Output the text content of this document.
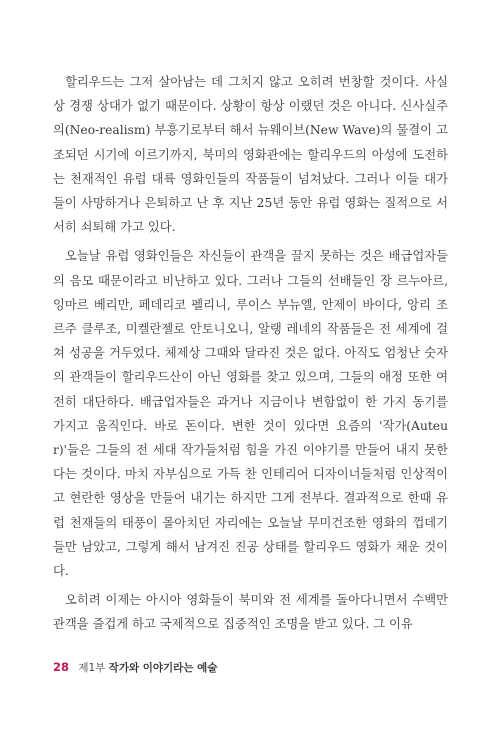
할리우드는 그저 살아남는 데 그치지 않고 오히려 번창할 것이다. 사실상 경쟁 상대가 없기 때문이다. 상황이 항상 이랬던 것은 아니다. 신사실주의(Neo-realism) 부흥기로부터 해서 뉴웨이브(New Wave)의 물결이 고조되던 시기에 이르기까지, 북미의 영화관에는 할리우드의 아성에 도전하는 천재적인 유럽 대륙 영화인들의 작품들이 넘쳐났다. 그러나 이들 대가들이 사망하거나 은퇴하고 난 후 지난 25년 동안 유럽 영화는 질적으로 서서히 쇠퇴해 가고 있다.

오늘날 유럽 영화인들은 자신들이 관객을 끌지 못하는 것은 배급업자들의 음모 때문이라고 비난하고 있다. 그러나 그들의 선배들인 장 르누아르, 잉마르 베리만, 페데리코 펠리니, 루이스 부뉴엘, 안제이 바이다, 앙리 조르주 클루조, 미켈란젤로 안토니오니, 알랭 레네의 작품들은 전 세계에 걸쳐 성공을 거두었다. 체제상 그때와 달라진 것은 없다. 아직도 엄청난 숫자의 관객들이 할리우드산이 아닌 영화를 찾고 있으며, 그들의 애정 또한 여전히 대단하다. 배급업자들은 과거나 지금이나 변함없이 한 가지 동기를 가지고 움직인다. 바로 돈이다. 변한 것이 있다면 요즘의 '작가(Auteur)'들은 그들의 전 세대 작가들처럼 힘을 가진 이야기를 만들어 내지 못한다는 것이다. 마치 자부심으로 가득 찬 인테리어 디자이너들처럼 인상적이고 현란한 영상을 만들어 내기는 하지만 그게 전부다. 결과적으로 한때 유럽 천재들의 태풍이 몰아치던 자리에는 오늘날 무미건조한 영화의 껍데기들만 남았고, 그렇게 해서 남겨진 진공 상태를 할리우드 영화가 채운 것이다.

오히려 이제는 아시아 영화들이 북미와 전 세계를 돌아다니면서 수백만 관객을 즐겁게 하고 국제적으로 집중적인 조명을 받고 있다. 그 이유

28 제1부 작가와 이야기라는 예술
